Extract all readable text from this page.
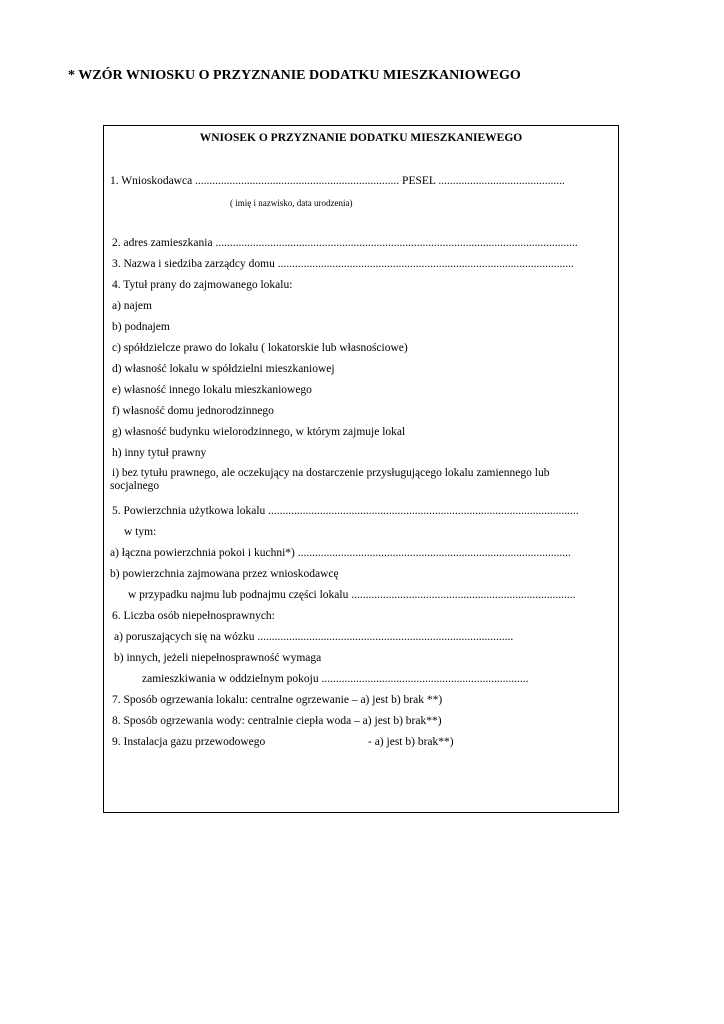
* WZÓR WNIOSKU O PRZYZNANIE DODATKU MIESZKANIOWEGO
WNIOSEK O PRZYZNANIE DODATKU MIESZKANIEWEGO
1. Wnioskodawca ....................................................................... PESEL ............................................
( imię i nazwisko, data urodzenia)
2. adres zamieszkania ..............................................................................................................................
3. Nazwa i siedziba zarządcy domu .......................................................................................................
4. Tytuł prany do zajmowanego lokalu:
a) najem
b) podnajem
c) spółdzielcze prawo do lokalu ( lokatorskie lub własnościowe)
d) własność lokalu w spółdzielni mieszkaniowej
e) własność innego lokalu mieszkaniowego
f) własność domu jednorodzinnego
g) własność budynku wielorodzinnego, w którym zajmuje lokal
h) inny tytuł prawny
i) bez tytułu prawnego, ale oczekujący na dostarczenie przysługującego lokalu zamiennego lub socjalnego
5. Powierzchnia użytkowa lokalu ............................................................................................................
w tym:
a) łączna powierzchnia pokoi i kuchni*) ...............................................................................................
b) powierzchnia zajmowana przez wnioskodawcę
w przypadku najmu lub podnajmu części lokalu ..............................................................................
6. Liczba osób niepełnosprawnych:
a) poruszających się na wózku .........................................................................................
b) innych, jeżeli niepełnosprawność wymaga
zamieszkiwania w oddzielnym pokoju ........................................................................
7. Sposób ogrzewania lokalu: centralne ogrzewanie – a) jest b) brak **)
8. Sposób ogrzewania wody: centralnie ciepła woda – a) jest b) brak**)
9. Instalacja gazu przewodowego	- a) jest b) brak**)
